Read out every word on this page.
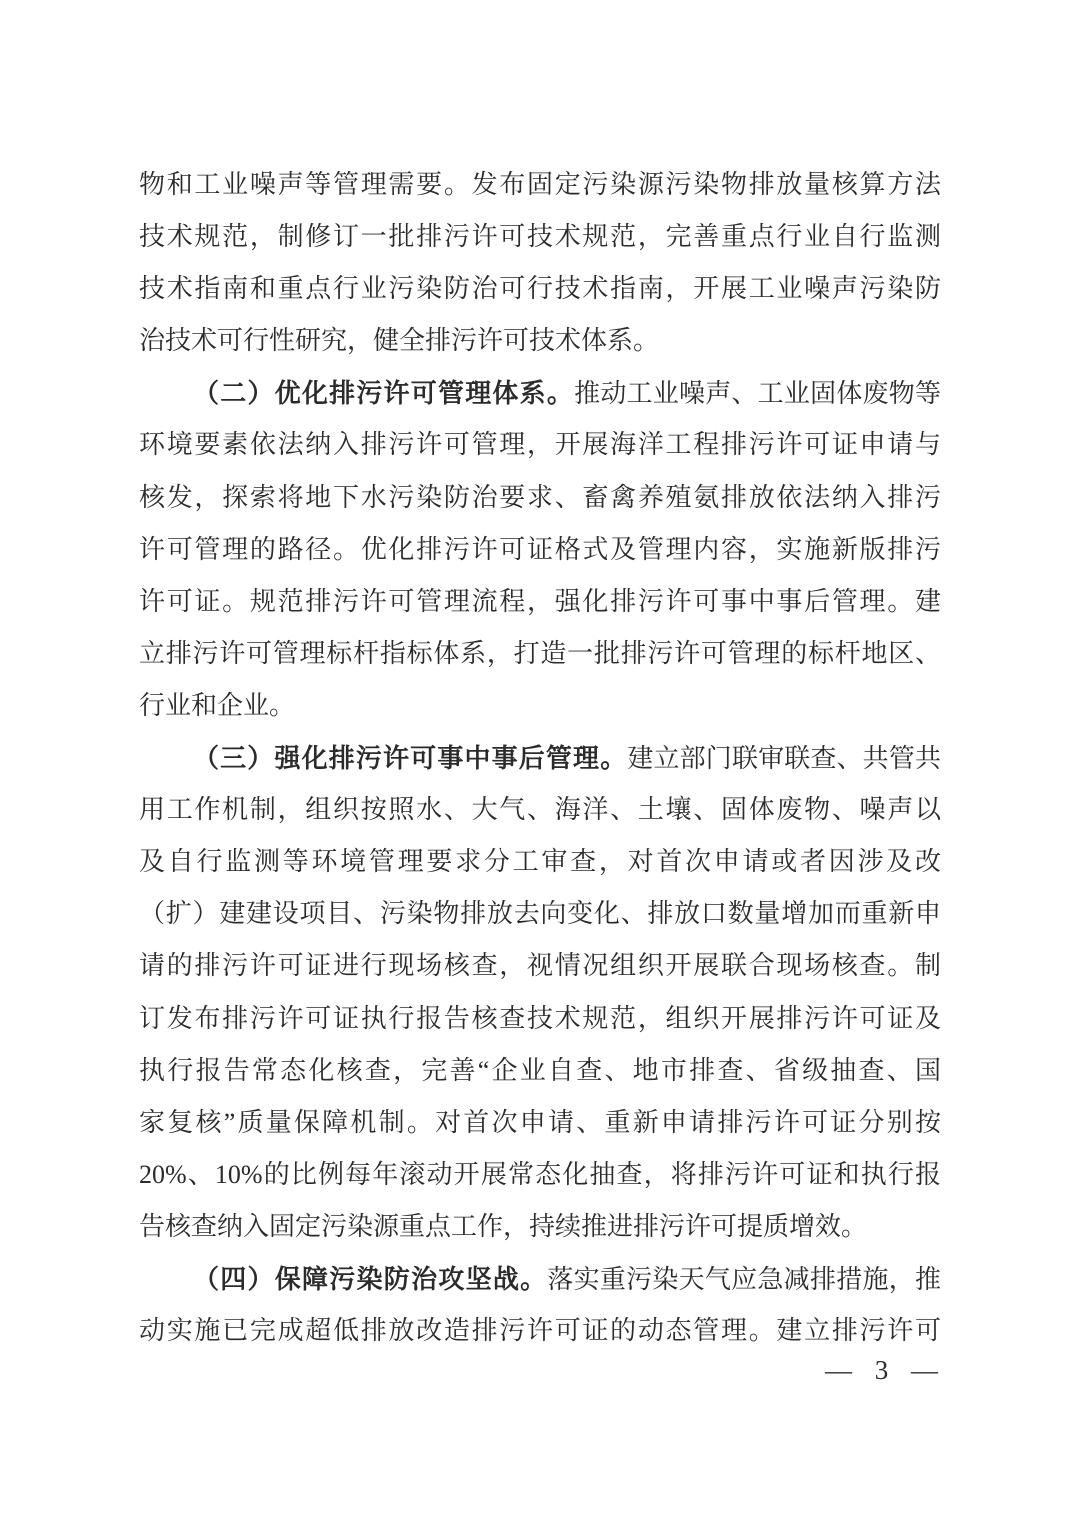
物和工业噪声等管理需要。发布固定污染源污染物排放量核算方法
技术规范，制修订一批排污许可技术规范，完善重点行业自行监测
技术指南和重点行业污染防治可行技术指南，开展工业噪声污染防
治技术可行性研究，健全排污许可技术体系。
（二）优化排污许可管理体系。推动工业噪声、工业固体废物等
环境要素依法纳入排污许可管理，开展海洋工程排污许可证申请与
核发，探索将地下水污染防治要求、畜禽养殖氨排放依法纳入排污
许可管理的路径。优化排污许可证格式及管理内容，实施新版排污
许可证。规范排污许可管理流程，强化排污许可事中事后管理。建
立排污许可管理标杆指标体系，打造一批排污许可管理的标杆地区、
行业和企业。
（三）强化排污许可事中事后管理。建立部门联审联查、共管共
用工作机制，组织按照水、大气、海洋、土壤、固体废物、噪声以
及自行监测等环境管理要求分工审查，对首次申请或者因涉及改
（扩）建建设项目、污染物排放去向变化、排放口数量增加而重新申
请的排污许可证进行现场核查，视情况组织开展联合现场核查。制
订发布排污许可证执行报告核查技术规范，组织开展排污许可证及
执行报告常态化核查，完善“企业自查、地市排查、省级抽查、国
家复核”质量保障机制。对首次申请、重新申请排污许可证分别按
20%、10%的比例每年滚动开展常态化抽查，将排污许可证和执行报
告核查纳入固定污染源重点工作，持续推进排污许可提质增效。
（四）保障污染防治攻坚战。落实重污染天气应急减排措施，推
动实施已完成超低排放改造排污许可证的动态管理。建立排污许可
— 3 —
